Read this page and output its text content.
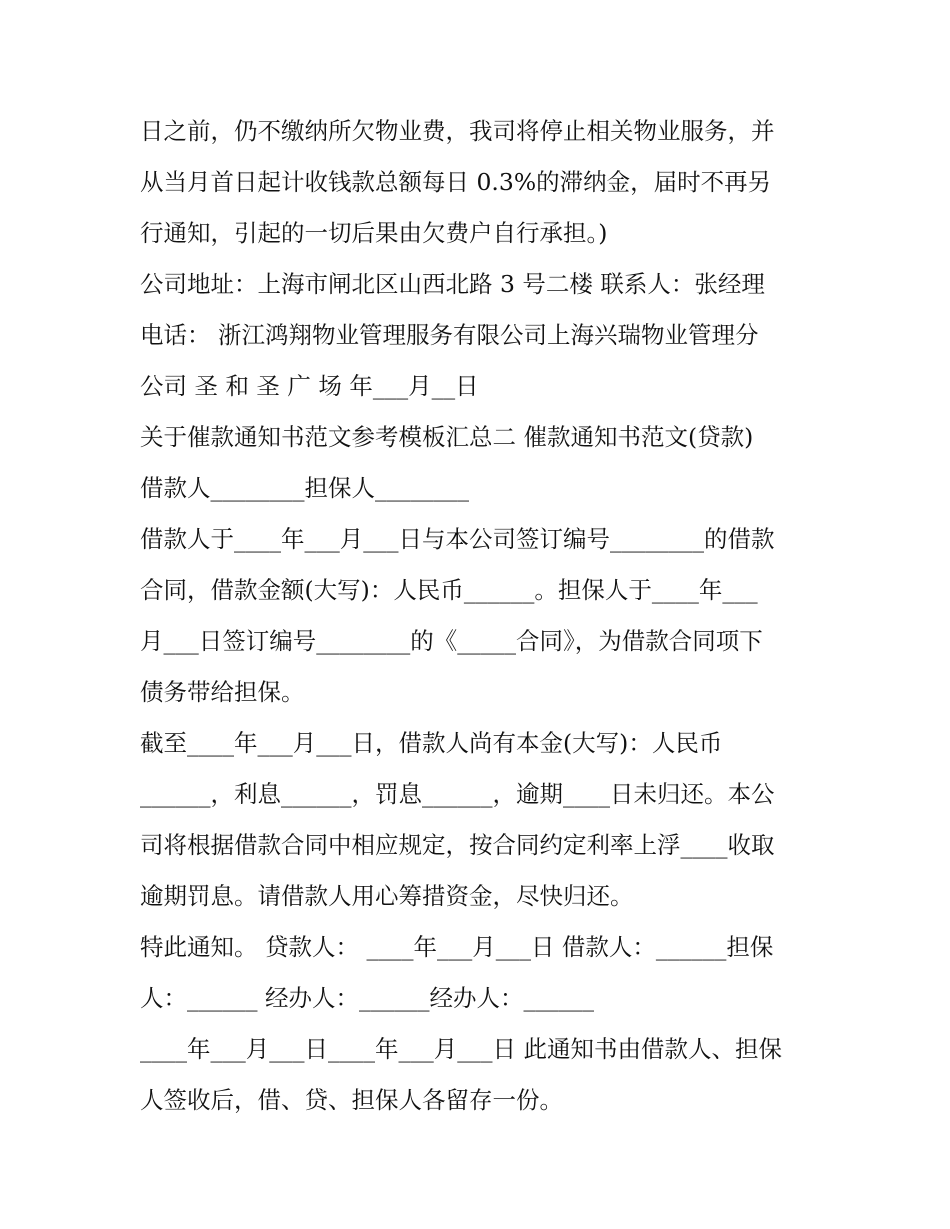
日之前，仍不缴纳所欠物业费，我司将停止相关物业服务，并
从当月首日起计收钱款总额每日 0.3%的滞纳金，届时不再另
行通知，引起的一切后果由欠费户自行承担。)
公司地址：上海市闸北区山西北路 3 号二楼 联系人：张经理
电话： 浙江鸿翔物业管理服务有限公司上海兴瑞物业管理分
公司 圣 和 圣 广 场 年___月__日
关于催款通知书范文参考模板汇总二 催款通知书范文(贷款)
借款人________担保人________
借款人于____年___月___日与本公司签订编号________的借款
合同，借款金额(大写)：人民币______。担保人于____年___
月___日签订编号________的《_____合同》，为借款合同项下
债务带给担保。
截至____年___月___日，借款人尚有本金(大写)：人民币
______，利息______，罚息______，逾期____日未归还。本公
司将根据借款合同中相应规定，按合同约定利率上浮____收取
逾期罚息。请借款人用心筹措资金，尽快归还。
特此通知。 贷款人： ____年___月___日 借款人：______担保
人：______ 经办人：______经办人：______
____年___月___日____年___月___日 此通知书由借款人、担保
人签收后，借、贷、担保人各留存一份。
